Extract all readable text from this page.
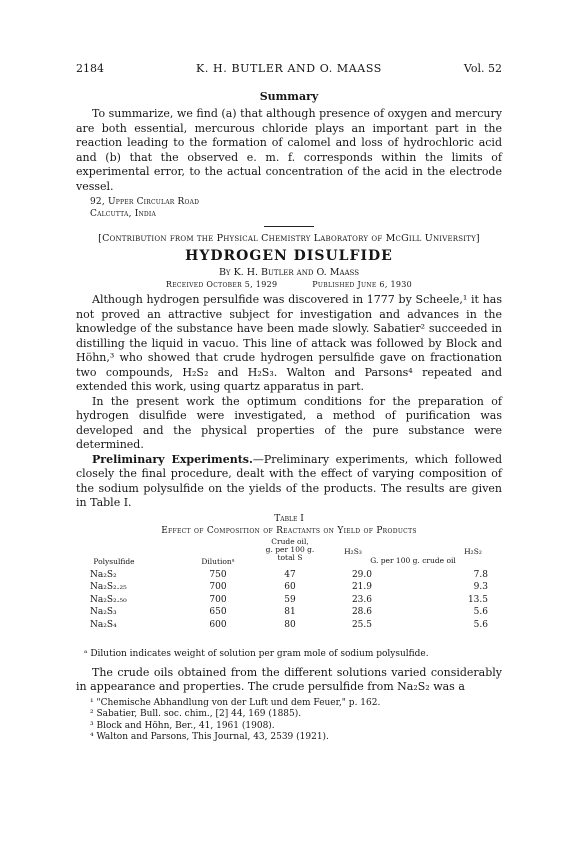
2184	K. H. BUTLER AND O. MAASS	Vol. 52
Summary

To summarize, we find (a) that although presence of oxygen and mercury are both essential, mercurous chloride plays an important part in the reaction leading to the formation of calomel and loss of hydrochloric acid and (b) that the observed e. m. f. corresponds within the limits of experimental error, to the actual concentration of the acid in the electrode vessel.

92, Upper Circular Road
Calcutta, India
[Contribution from the Physical Chemistry Laboratory of McGill University]
HYDROGEN DISULFIDE
By K. H. Butler and O. Maass
Received October 5, 1929	Published June 6, 1930

Although hydrogen persulfide was discovered in 1777 by Scheele,¹ it has not proved an attractive subject for investigation and advances in the knowledge of the substance have been made slowly. Sabatier² succeeded in distilling the liquid in vacuo. This line of attack was followed by Block and Höhn,³ who showed that crude hydrogen persulfide gave on fractionation two compounds, H₂S₂ and H₂S₃. Walton and Parsons⁴ repeated and extended this work, using quartz apparatus in part.

In the present work the optimum conditions for the preparation of hydrogen disulfide were investigated, a method of purification was developed and the physical properties of the pure substance were determined.

Preliminary Experiments.—Preliminary experiments, which followed closely the final procedure, dealt with the effect of varying composition of the sodium polysulfide on the yields of the products. The results are given in Table I.

Table I
Effect of Composition of Reactants on Yield of Products
Polysulfide	Dilutionᵃ
Crude oil,
g. per 100 g.
total S
H₂S₃	H₂S₂
G. per 100 g. crude oil
Na₂S₂	750	47	29.0	7.8
Na₂S₂.₂₅	700	60	21.9	9.3
Na₂S₂.₅₀	700	59	23.6	13.5
Na₂S₃	650	81	28.6	5.6
Na₂S₄	600	80	25.5	5.6
ᵃ Dilution indicates weight of solution per gram mole of sodium polysulfide.

The crude oils obtained from the different solutions varied considerably in appearance and properties. The crude persulfide from Na₂S₂ was a

¹ "Chemische Abhandlung von der Luft und dem Feuer," p. 162.
² Sabatier, Bull. soc. chim., [2] 44, 169 (1885).
³ Block and Höhn, Ber., 41, 1961 (1908).
⁴ Walton and Parsons, This Journal, 43, 2539 (1921).
